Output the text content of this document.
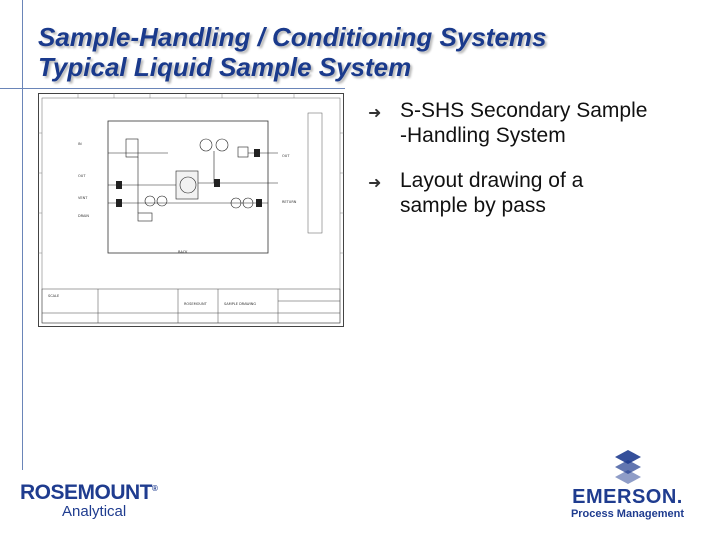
Sample-Handling / Conditioning Systems
Typical Liquid Sample System
IN
OUT
VENT
DRAIN
OUT
RETURN
BACK
SCALE
ROSEMOUNT	SAMPLE DRAWING
➜ S-SHS Secondary Sample
-Handling System
➜ Layout drawing of a
sample by pass
ROSEMOUNT®
Analytical
EMERSON.
Process Management
